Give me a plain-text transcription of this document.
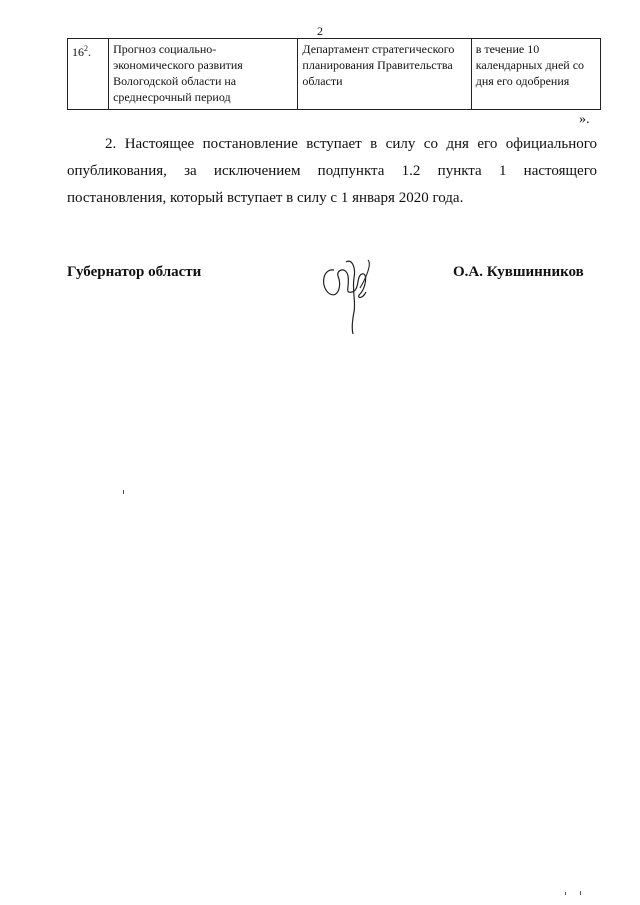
2
$16^2$.	Прогноз социально-экономического развития Вологодской области на среднесрочный период	Департамент стратегического планирования Правительства области	в течение 10 календарных дней со дня его одобрения
».

2. Настоящее постановление вступает в силу со дня его официального опубликования, за исключением подпункта 1.2 пункта 1 настоящего постановления, который вступает в силу с 1 января 2020 года.

Губернатор области	О.А. Кувшинников
